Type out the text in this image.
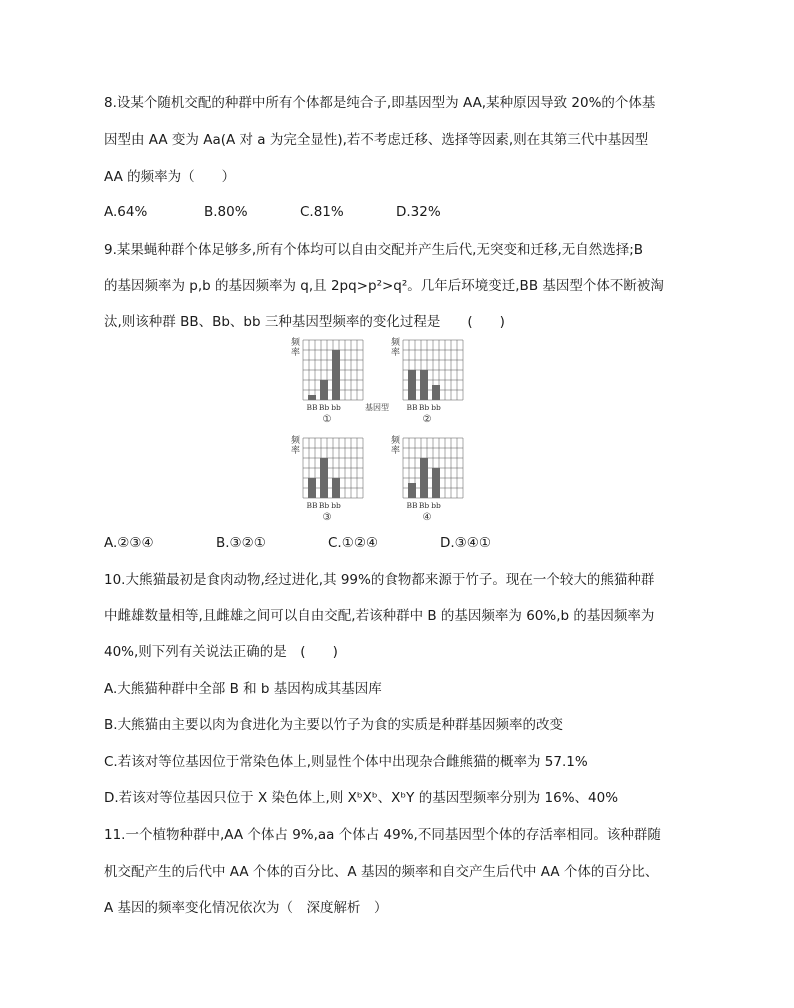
8.设某个随机交配的种群中所有个体都是纯合子,即基因型为 AA,某种原因导致 20%的个体基
因型由 AA 变为 Aa(A 对 a 为完全显性),若不考虑迁移、选择等因素,则在其第三代中基因型
AA 的频率为（　　）
A.64%	B.80%	C.81%	D.32%
9.某果蝇种群个体足够多,所有个体均可以自由交配并产生后代,无突变和迁移,无自然选择;B
的基因频率为 p,b 的基因频率为 q,且 2pq>p²>q²。几年后环境变迁,BB 基因型个体不断被淘
汰,则该种群 BB、Bb、bb 三种基因型频率的变化过程是　　(　　)
频
率
BB Bb bb	基因型
①
频
率
BB Bb bb
②
频
率
BB Bb bb
③
频
率
BB Bb bb
④
A.②③④	B.③②①	C.①②④	D.③④①
10.大熊猫最初是食肉动物,经过进化,其 99%的食物都来源于竹子。现在一个较大的熊猫种群
中雌雄数量相等,且雌雄之间可以自由交配,若该种群中 B 的基因频率为 60%,b 的基因频率为
40%,则下列有关说法正确的是　(　　)
A.大熊猫种群中全部 B 和 b 基因构成其基因库
B.大熊猫由主要以肉为食进化为主要以竹子为食的实质是种群基因频率的改变
C.若该对等位基因位于常染色体上,则显性个体中出现杂合雌熊猫的概率为 57.1%
D.若该对等位基因只位于 X 染色体上,则 XᵇXᵇ、XᵇY 的基因型频率分别为 16%、40%
11.一个植物种群中,AA 个体占 9%,aa 个体占 49%,不同基因型个体的存活率相同。该种群随
机交配产生的后代中 AA 个体的百分比、A 基因的频率和自交产生后代中 AA 个体的百分比、
A 基因的频率变化情况依次为（　深度解析　）
